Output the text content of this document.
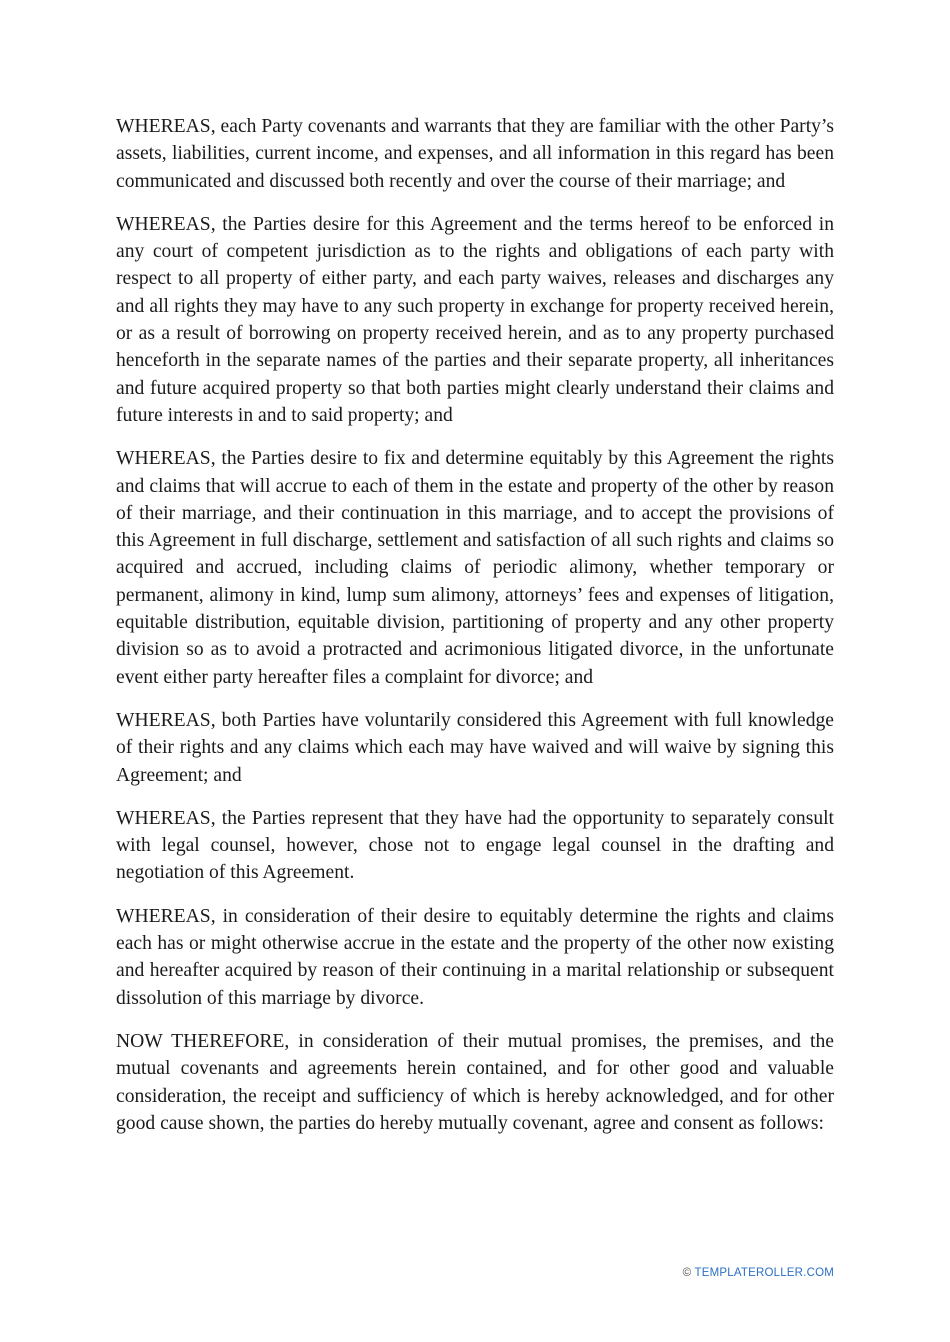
WHEREAS, each Party covenants and warrants that they are familiar with the other Party’s assets, liabilities, current income, and expenses, and all information in this regard has been communicated and discussed both recently and over the course of their marriage; and

WHEREAS, the Parties desire for this Agreement and the terms hereof to be enforced in any court of competent jurisdiction as to the rights and obligations of each party with respect to all property of either party, and each party waives, releases and discharges any and all rights they may have to any such property in exchange for property received herein, or as a result of borrowing on property received herein, and as to any property purchased henceforth in the separate names of the parties and their separate property, all inheritances and future acquired property so that both parties might clearly understand their claims and future interests in and to said property; and

WHEREAS, the Parties desire to fix and determine equitably by this Agreement the rights and claims that will accrue to each of them in the estate and property of the other by reason of their marriage, and their continuation in this marriage, and to accept the provisions of this Agreement in full discharge, settlement and satisfaction of all such rights and claims so acquired and accrued, including claims of periodic alimony, whether temporary or permanent, alimony in kind, lump sum alimony, attorneys’ fees and expenses of litigation, equitable distribution, equitable division, partitioning of property and any other property division so as to avoid a protracted and acrimonious litigated divorce, in the unfortunate event either party hereafter files a complaint for divorce; and

WHEREAS, both Parties have voluntarily considered this Agreement with full knowledge of their rights and any claims which each may have waived and will waive by signing this Agreement; and

WHEREAS, the Parties represent that they have had the opportunity to separately consult with legal counsel, however, chose not to engage legal counsel in the drafting and negotiation of this Agreement.

WHEREAS, in consideration of their desire to equitably determine the rights and claims each has or might otherwise accrue in the estate and the property of the other now existing and hereafter acquired by reason of their continuing in a marital relationship or subsequent dissolution of this marriage by divorce.

NOW THEREFORE, in consideration of their mutual promises, the premises, and the mutual covenants and agreements herein contained, and for other good and valuable consideration, the receipt and sufficiency of which is hereby acknowledged, and for other good cause shown, the parties do hereby mutually covenant, agree and consent as follows:

© TEMPLATEROLLER.COM
